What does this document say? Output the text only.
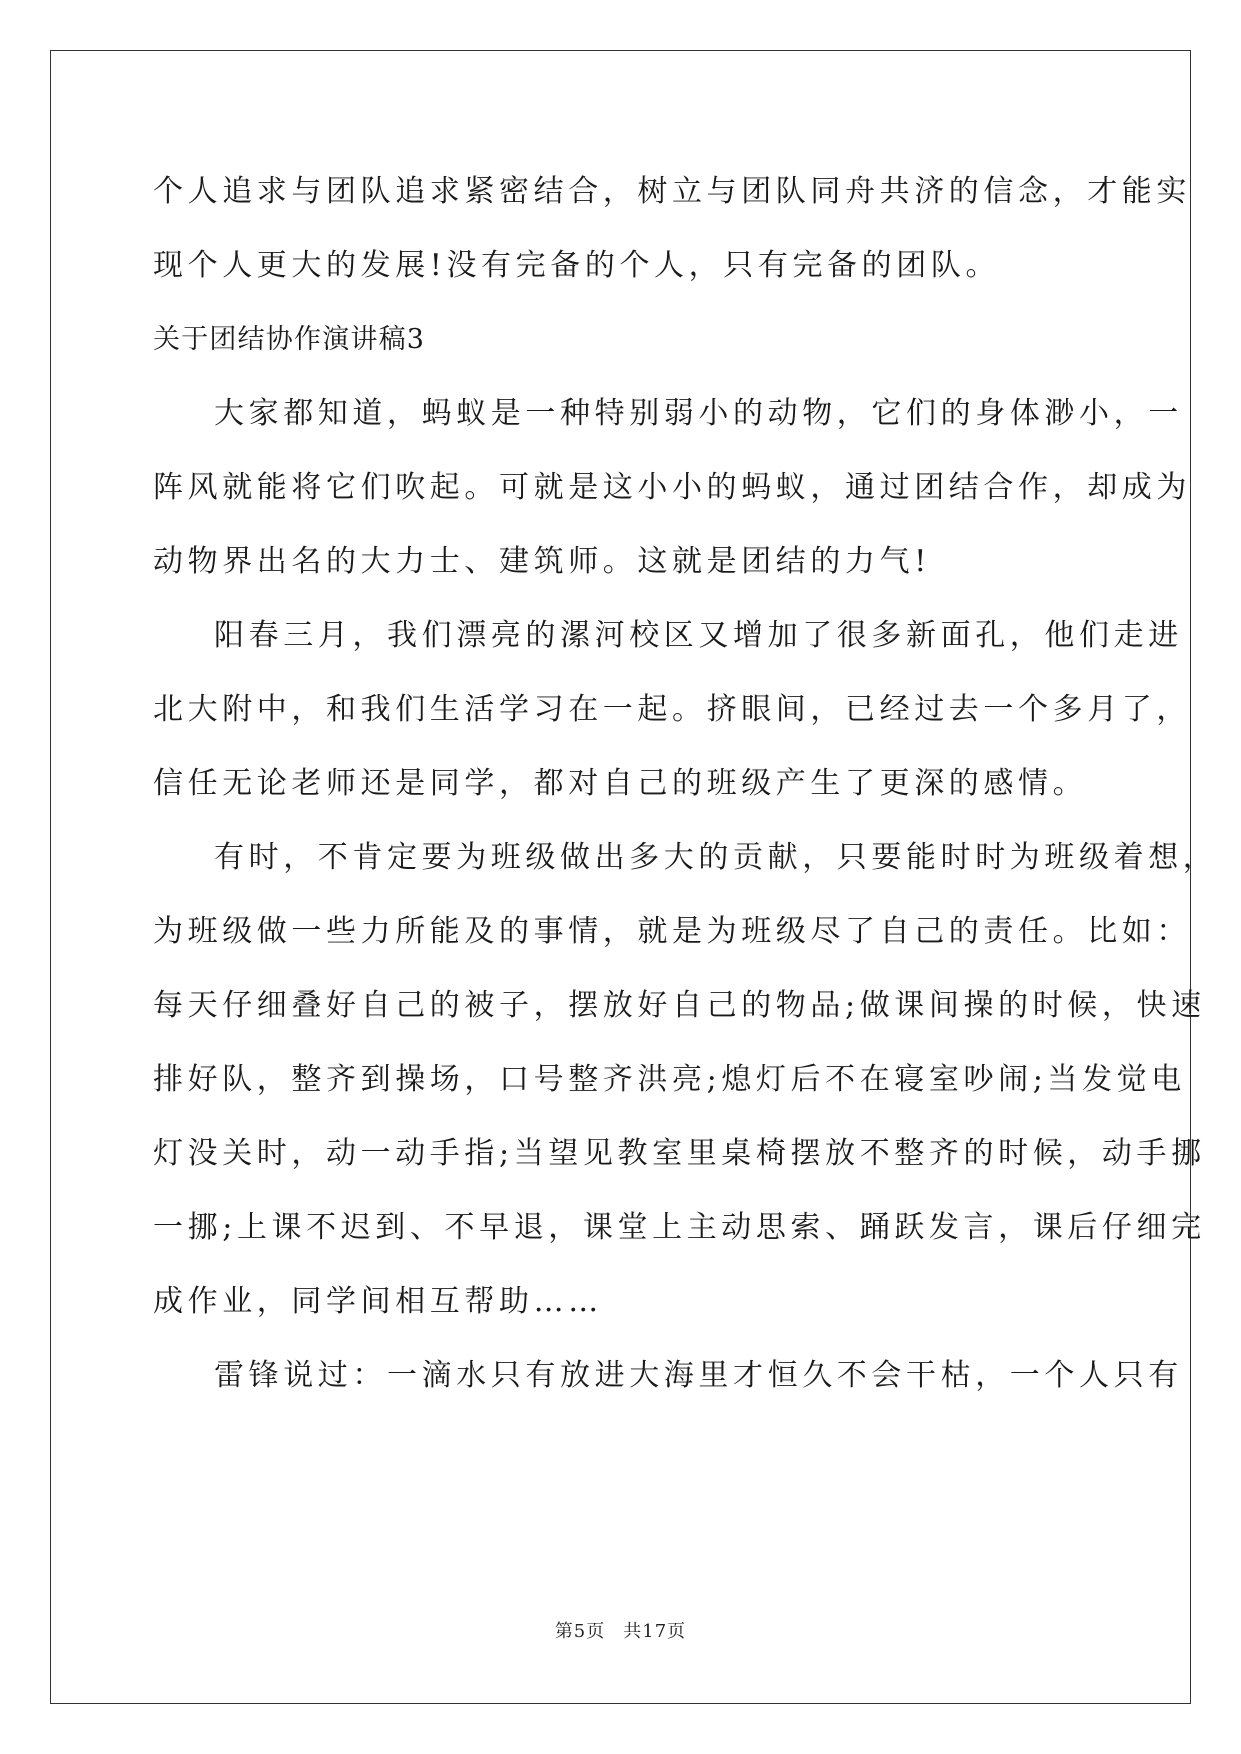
个人追求与团队追求紧密结合，树立与团队同舟共济的信念，才能实
现个人更大的发展!没有完备的个人，只有完备的团队。
关于团结协作演讲稿3
大家都知道，蚂蚁是一种特别弱小的动物，它们的身体渺小，一
阵风就能将它们吹起。可就是这小小的蚂蚁，通过团结合作，却成为
动物界出名的大力士、建筑师。这就是团结的力气!
阳春三月，我们漂亮的漯河校区又增加了很多新面孔，他们走进
北大附中，和我们生活学习在一起。挤眼间，已经过去一个多月了，
信任无论老师还是同学，都对自己的班级产生了更深的感情。
有时，不肯定要为班级做出多大的贡献，只要能时时为班级着想，
为班级做一些力所能及的事情，就是为班级尽了自己的责任。比如：
每天仔细叠好自己的被子，摆放好自己的物品;做课间操的时候，快速
排好队，整齐到操场，口号整齐洪亮;熄灯后不在寝室吵闹;当发觉电
灯没关时，动一动手指;当望见教室里桌椅摆放不整齐的时候，动手挪
一挪;上课不迟到、不早退，课堂上主动思索、踊跃发言，课后仔细完
成作业，同学间相互帮助……
雷锋说过：一滴水只有放进大海里才恒久不会干枯，一个人只有
第5页 共17页
